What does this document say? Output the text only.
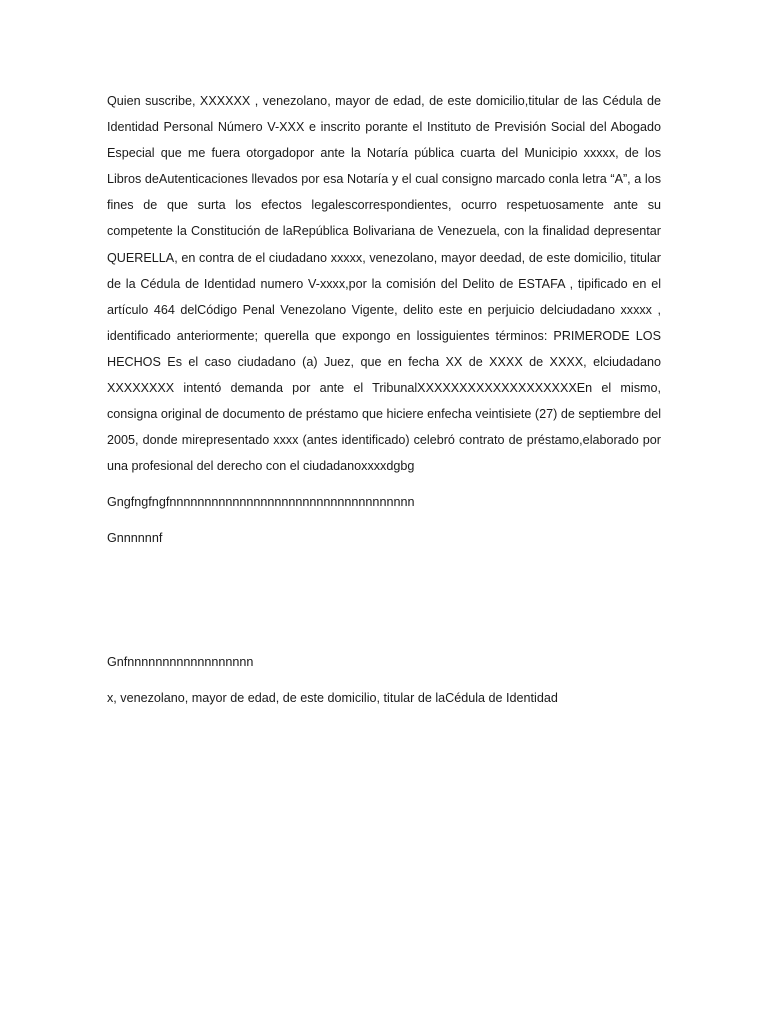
Quien suscribe, XXXXXX , venezolano, mayor de edad, de este domicilio,titular de las Cédula de Identidad Personal Número V-XXX e inscrito porante el Instituto de Previsión Social del Abogado Especial que me fuera otorgadopor ante la Notaría pública cuarta del Municipio xxxxx, de los Libros deAutenticaciones llevados por esa Notaría y el cual consigno marcado conla letra “A”, a los fines de que surta los efectos legalescorrespondientes, ocurro respetuosamente ante su competente la Constitución de laRepública Bolivariana de Venezuela, con la finalidad depresentar QUERELLA, en contra de el ciudadano xxxxx, venezolano, mayor deedad, de este domicilio, titular de la Cédula de Identidad numero V-xxxx,por la comisión del Delito de ESTAFA , tipificado en el artículo 464 delCódigo Penal Venezolano Vigente, delito este en perjuicio delciudadano xxxxx , identificado anteriormente; querella que expongo en lossiguientes términos: PRIMERODE LOS HECHOS Es el caso ciudadano (a) Juez, que en fecha XX de XXXX de XXXX, elciudadano XXXXXXXX intentó demanda por ante el TribunalXXXXXXXXXXXXXXXXXXXEn el mismo, consigna original de documento de préstamo que hiciere enfecha veintisiete (27) de septiembre del 2005, donde mirepresentado xxxx (antes identificado) celebró contrato de préstamo,elaborado por una profesional del derecho con el ciudadanoxxxxdgbg

Gngfngfngfnnnnnnnnnnnnnnnnnnnnnnnnnnnnnnnnnnn

Gnnnnnnf

Gnfnnnnnnnnnnnnnnnnnn

x, venezolano, mayor de edad, de este domicilio, titular de laCédula de Identidad
